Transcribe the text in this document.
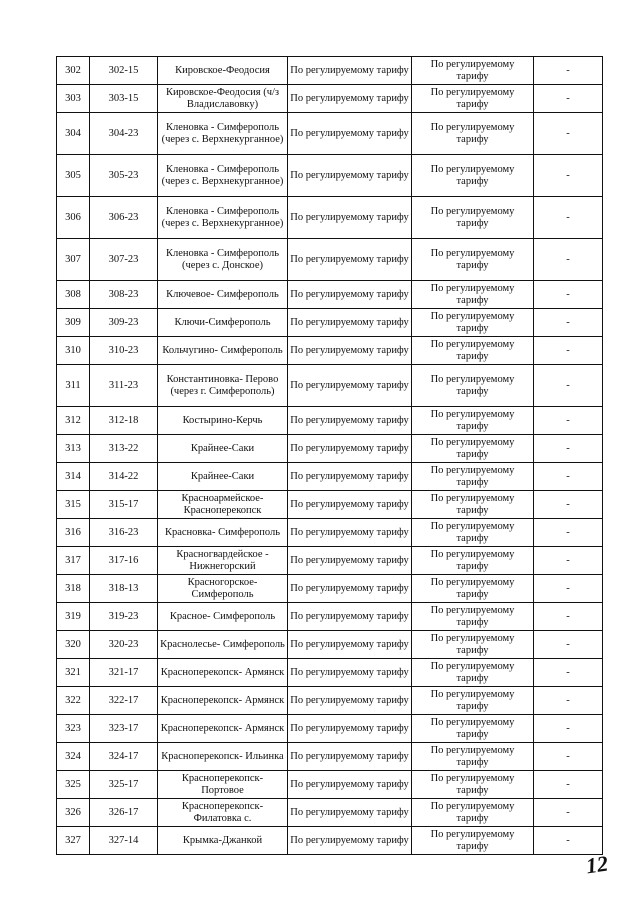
302	302-15	Кировское-Феодосия	По регулируемому тарифу	По регулируемому тарифу	-
303	303-15	Кировское-Феодосия (ч/з Владиславовку)	По регулируемому тарифу	По регулируемому тарифу	-
304	304-23	Кленовка - Симферополь (через с. Верхнекурганное)	По регулируемому тарифу	По регулируемому тарифу	-
305	305-23	Кленовка - Симферополь (через с. Верхнекурганное)	По регулируемому тарифу	По регулируемому тарифу	-
306	306-23	Кленовка - Симферополь (через с. Верхнекурганное)	По регулируемому тарифу	По регулируемому тарифу	-
307	307-23	Кленовка - Симферополь (через с. Донское)	По регулируемому тарифу	По регулируемому тарифу	-
308	308-23	Ключевое- Симферополь	По регулируемому тарифу	По регулируемому тарифу	-
309	309-23	Ключи-Симферополь	По регулируемому тарифу	По регулируемому тарифу	-
310	310-23	Кольчугино- Симферополь	По регулируемому тарифу	По регулируемому тарифу	-
311	311-23	Константиновка- Перово (через г. Симферополь)	По регулируемому тарифу	По регулируемому тарифу	-
312	312-18	Костырино-Керчь	По регулируемому тарифу	По регулируемому тарифу	-
313	313-22	Крайнее-Саки	По регулируемому тарифу	По регулируемому тарифу	-
314	314-22	Крайнее-Саки	По регулируемому тарифу	По регулируемому тарифу	-
315	315-17	Красноармейское- Красноперекопск	По регулируемому тарифу	По регулируемому тарифу	-
316	316-23	Красновка- Симферополь	По регулируемому тарифу	По регулируемому тарифу	-
317	317-16	Красногвардейское - Нижнегорский	По регулируемому тарифу	По регулируемому тарифу	-
318	318-13	Красногорское- Симферополь	По регулируемому тарифу	По регулируемому тарифу	-
319	319-23	Красное- Симферополь	По регулируемому тарифу	По регулируемому тарифу	-
320	320-23	Краснолесье- Симферополь	По регулируемому тарифу	По регулируемому тарифу	-
321	321-17	Красноперекопск- Армянск	По регулируемому тарифу	По регулируемому тарифу	-
322	322-17	Красноперекопск- Армянск	По регулируемому тарифу	По регулируемому тарифу	-
323	323-17	Красноперекопск- Армянск	По регулируемому тарифу	По регулируемому тарифу	-
324	324-17	Красноперекопск- Ильинка	По регулируемому тарифу	По регулируемому тарифу	-
325	325-17	Красноперекопск- Портовое	По регулируемому тарифу	По регулируемому тарифу	-
326	326-17	Красноперекопск- Филатовка с.	По регулируемому тарифу	По регулируемому тарифу	-
327	327-14	Крымка-Джанкой	По регулируемому тарифу	По регулируемому тарифу	-
12
